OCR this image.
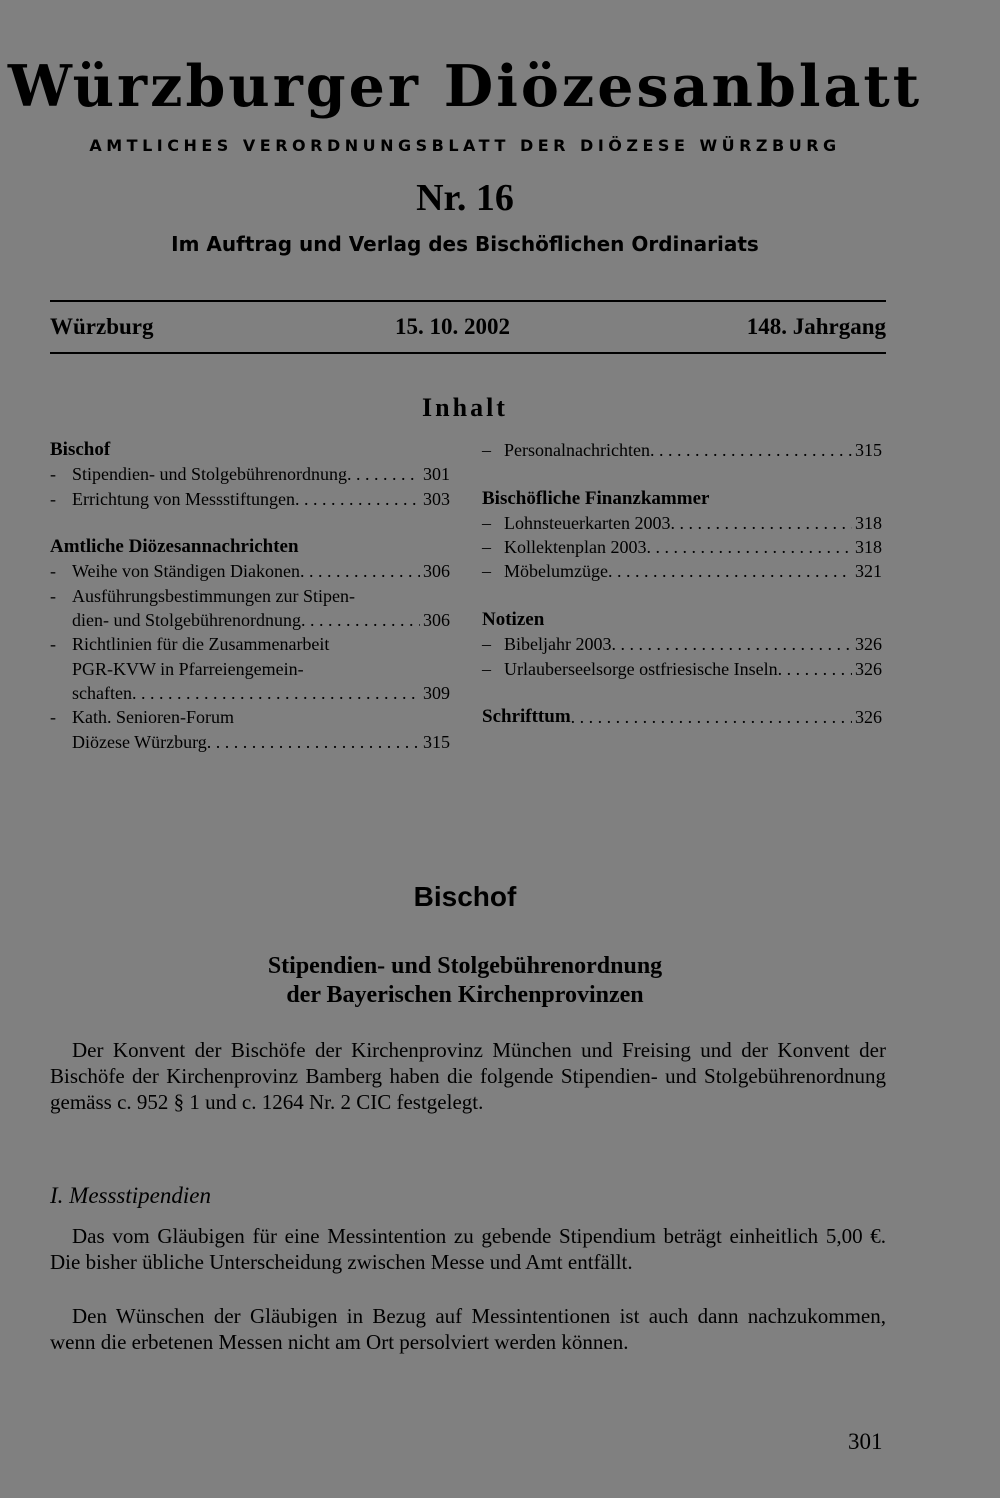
Würzburger Diözesanblatt
AMTLICHES VERORDNUNGSBLATT DER DIÖZESE WÜRZBURG
Nr. 16
Im Auftrag und Verlag des Bischöflichen Ordinariats
Würzburg	15. 10. 2002	148. Jahrgang
Inhalt
Bischof
- Stipendien- und Stolgebührenordnung . . .	301
- Errichtung von Messstiftungen . . .	303
Amtliche Diözesannachrichten
- Weihe von Ständigen Diakonen . . .	306
- Ausführungsbestimmungen zur Stipen-
dien- und Stolgebührenordnung . . .	306
- Richtlinien für die Zusammenarbeit
PGR-KVW in Pfarreiengemein-
schaften . . .	309
- Kath. Senioren-Forum
Diözese Würzburg . . .	315
– Personalnachrichten . . .	315
Bischöfliche Finanzkammer
– Lohnsteuerkarten 2003 . . .	318
– Kollektenplan 2003 . . .	318
– Möbelumzüge . . .	321
Notizen
– Bibeljahr 2003 . . .	326
– Urlauberseelsorge ostfriesische Inseln . . .	326
Schrifttum . . .	326
Bischof
Stipendien- und Stolgebührenordnung
der Bayerischen Kirchenprovinzen
Der Konvent der Bischöfe der Kirchenprovinz München und Freising und der Konvent der Bischöfe der Kirchenprovinz Bamberg haben die folgende Stipendien- und Stolgebührenordnung gemäss c. 952 § 1 und c. 1264 Nr. 2 CIC festgelegt.
I. Messstipendien
Das vom Gläubigen für eine Messintention zu gebende Stipendium beträgt einheitlich 5,00 €. Die bisher übliche Unterscheidung zwischen Messe und Amt entfällt.
Den Wünschen der Gläubigen in Bezug auf Messintentionen ist auch dann nachzukommen, wenn die erbetenen Messen nicht am Ort persolviert werden können.
301
